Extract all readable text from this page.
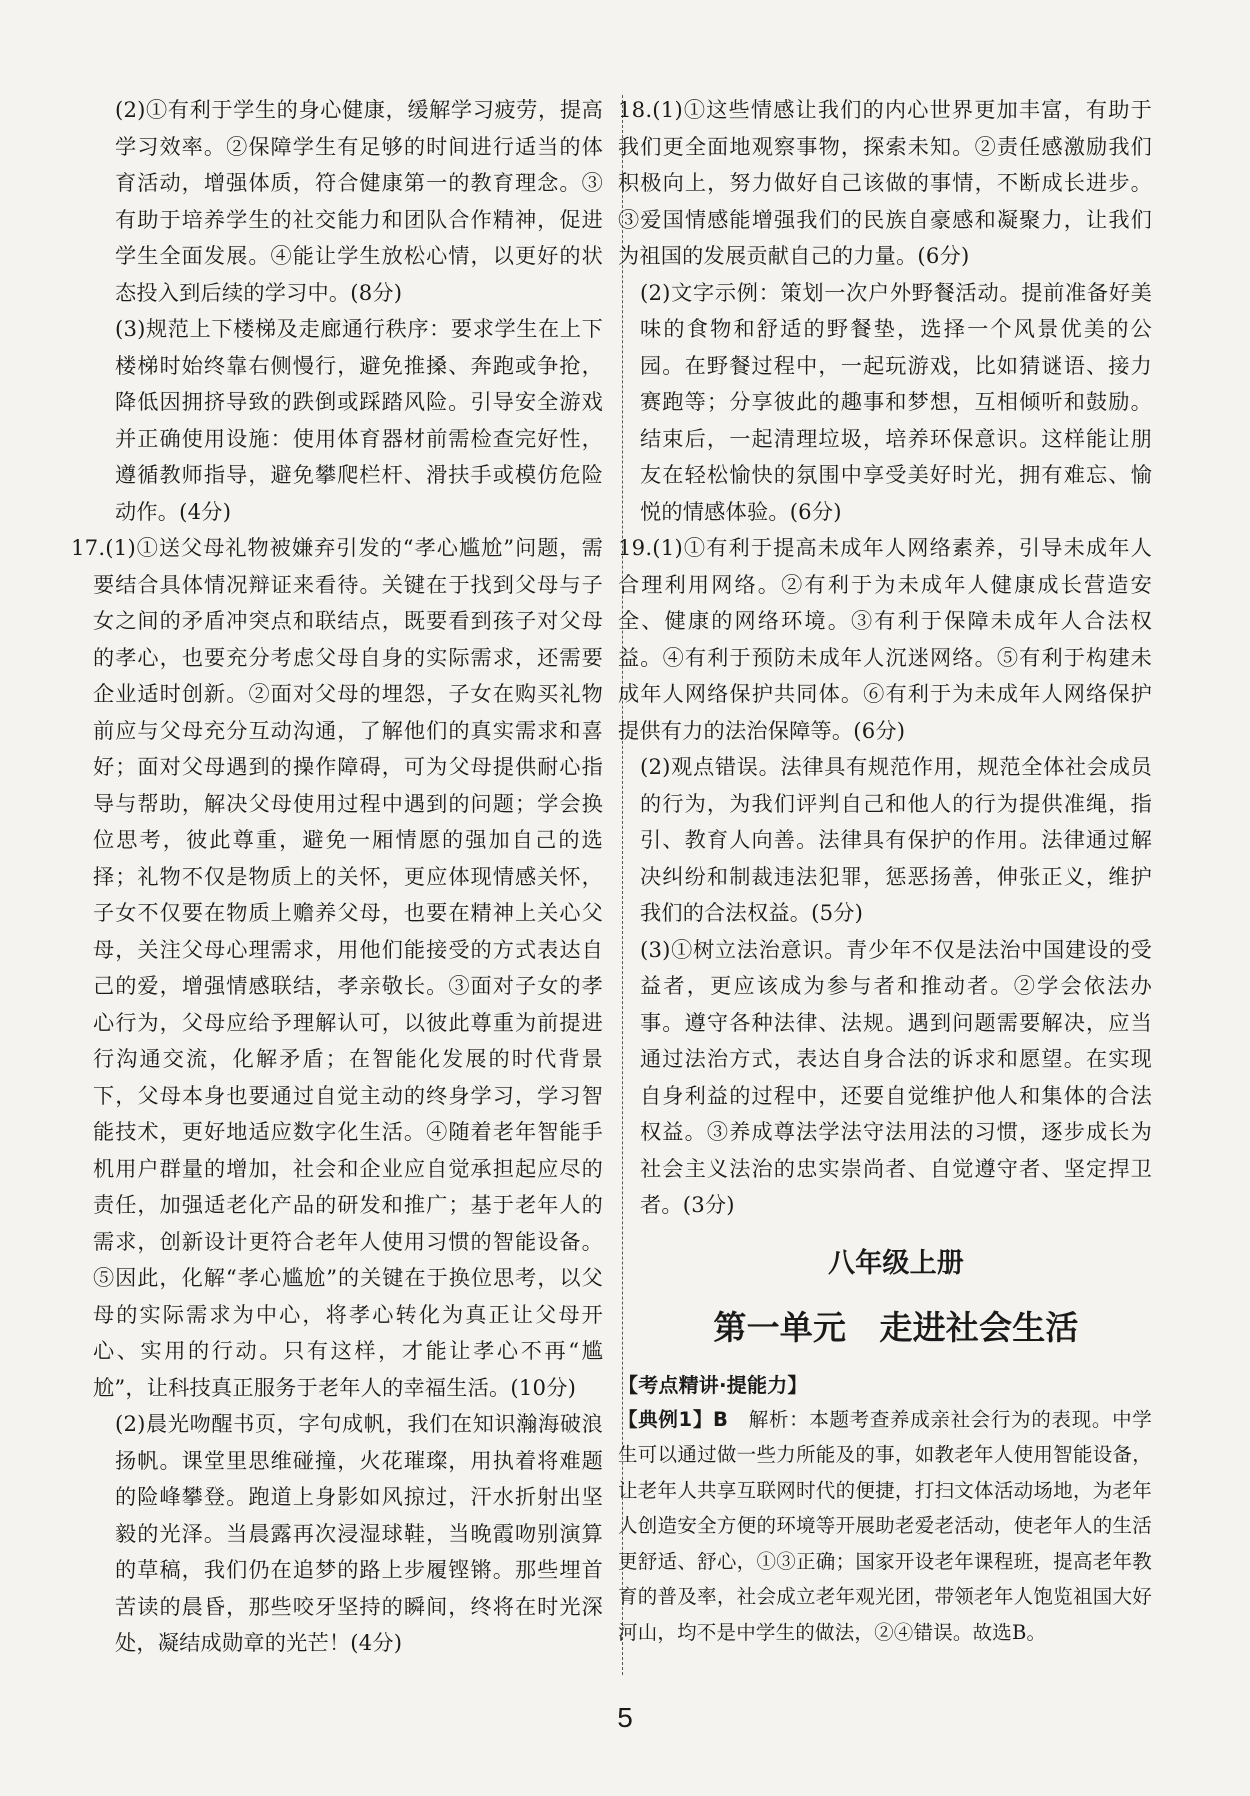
(2)①有利于学生的身心健康，缓解学习疲劳，提高学习效率。②保障学生有足够的时间进行适当的体育活动，增强体质，符合健康第一的教育理念。③有助于培养学生的社交能力和团队合作精神，促进学生全面发展。④能让学生放松心情，以更好的状态投入到后续的学习中。(8分)

(3)规范上下楼梯及走廊通行秩序：要求学生在上下楼梯时始终靠右侧慢行，避免推搡、奔跑或争抢，降低因拥挤导致的跌倒或踩踏风险。引导安全游戏并正确使用设施：使用体育器材前需检查完好性，遵循教师指导，避免攀爬栏杆、滑扶手或模仿危险动作。(4分)

17.(1)①送父母礼物被嫌弃引发的“孝心尴尬”问题，需要结合具体情况辩证来看待。关键在于找到父母与子女之间的矛盾冲突点和联结点，既要看到孩子对父母的孝心，也要充分考虑父母自身的实际需求，还需要企业适时创新。②面对父母的埋怨，子女在购买礼物前应与父母充分互动沟通，了解他们的真实需求和喜好；面对父母遇到的操作障碍，可为父母提供耐心指导与帮助，解决父母使用过程中遇到的问题；学会换位思考，彼此尊重，避免一厢情愿的强加自己的选择；礼物不仅是物质上的关怀，更应体现情感关怀，子女不仅要在物质上赡养父母，也要在精神上关心父母，关注父母心理需求，用他们能接受的方式表达自己的爱，增强情感联结，孝亲敬长。③面对子女的孝心行为，父母应给予理解认可，以彼此尊重为前提进行沟通交流，化解矛盾；在智能化发展的时代背景下，父母本身也要通过自觉主动的终身学习，学习智能技术，更好地适应数字化生活。④随着老年智能手机用户群量的增加，社会和企业应自觉承担起应尽的责任，加强适老化产品的研发和推广；基于老年人的需求，创新设计更符合老年人使用习惯的智能设备。⑤因此，化解“孝心尴尬”的关键在于换位思考，以父母的实际需求为中心，将孝心转化为真正让父母开心、实用的行动。只有这样，才能让孝心不再“尴尬”，让科技真正服务于老年人的幸福生活。(10分)

(2)晨光吻醒书页，字句成帆，我们在知识瀚海破浪扬帆。课堂里思维碰撞，火花璀璨，用执着将难题的险峰攀登。跑道上身影如风掠过，汗水折射出坚毅的光泽。当晨露再次浸湿球鞋，当晚霞吻别演算的草稿，我们仍在追梦的路上步履铿锵。那些埋首苦读的晨昏，那些咬牙坚持的瞬间，终将在时光深处，凝结成勋章的光芒！(4分)

18.(1)①这些情感让我们的内心世界更加丰富，有助于我们更全面地观察事物，探索未知。②责任感激励我们积极向上，努力做好自己该做的事情，不断成长进步。③爱国情感能增强我们的民族自豪感和凝聚力，让我们为祖国的发展贡献自己的力量。(6分)

(2)文字示例：策划一次户外野餐活动。提前准备好美味的食物和舒适的野餐垫，选择一个风景优美的公园。在野餐过程中，一起玩游戏，比如猜谜语、接力赛跑等；分享彼此的趣事和梦想，互相倾听和鼓励。结束后，一起清理垃圾，培养环保意识。这样能让朋友在轻松愉快的氛围中享受美好时光，拥有难忘、愉悦的情感体验。(6分)

19.(1)①有利于提高未成年人网络素养，引导未成年人合理利用网络。②有利于为未成年人健康成长营造安全、健康的网络环境。③有利于保障未成年人合法权益。④有利于预防未成年人沉迷网络。⑤有利于构建未成年人网络保护共同体。⑥有利于为未成年人网络保护提供有力的法治保障等。(6分)

(2)观点错误。法律具有规范作用，规范全体社会成员的行为，为我们评判自己和他人的行为提供准绳，指引、教育人向善。法律具有保护的作用。法律通过解决纠纷和制裁违法犯罪，惩恶扬善，伸张正义，维护我们的合法权益。(5分)

(3)①树立法治意识。青少年不仅是法治中国建设的受益者，更应该成为参与者和推动者。②学会依法办事。遵守各种法律、法规。遇到问题需要解决，应当通过法治方式，表达自身合法的诉求和愿望。在实现自身利益的过程中，还要自觉维护他人和集体的合法权益。③养成尊法学法守法用法的习惯，逐步成长为社会主义法治的忠实崇尚者、自觉遵守者、坚定捍卫者。(3分)

八年级上册
第一单元　走进社会生活
【考点精讲·提能力】

【典例1】B　解析：本题考查养成亲社会行为的表现。中学生可以通过做一些力所能及的事，如教老年人使用智能设备，让老年人共享互联网时代的便捷，打扫文体活动场地，为老年人创造安全方便的环境等开展助老爱老活动，使老年人的生活更舒适、舒心，①③正确；国家开设老年课程班，提高老年教育的普及率，社会成立老年观光团，带领老年人饱览祖国大好河山，均不是中学生的做法，②④错误。故选B。

5
